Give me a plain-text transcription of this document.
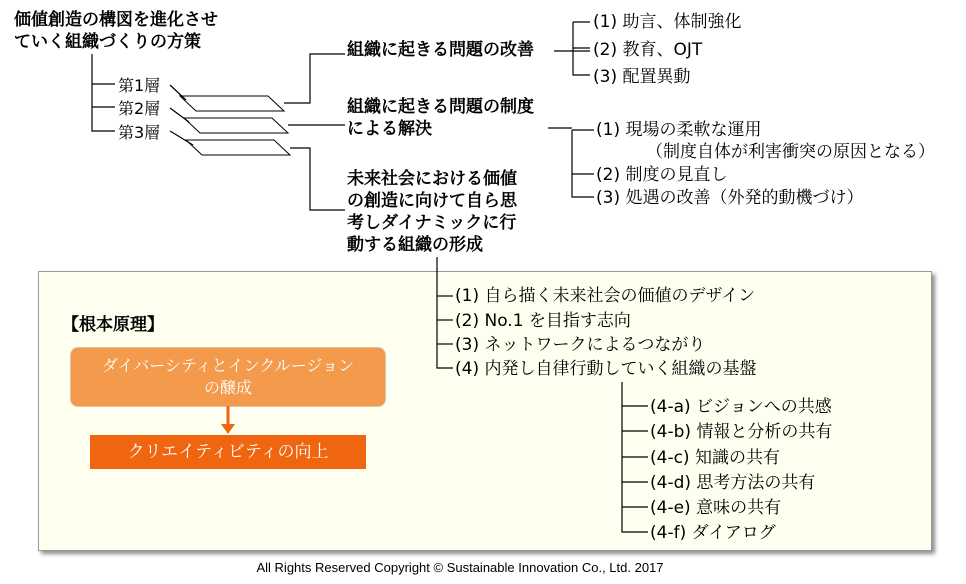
価値創造の構図を進化させ
ていく組織づくりの方策
第1層
第2層
第3層
組織に起きる問題の改善
(1) 助言、体制強化
(2) 教育、OJT
(3) 配置異動
組織に起きる問題の制度
による解決	(1) 現場の柔軟な運用
（制度自体が利害衝突の原因となる）
(2) 制度の見直し
(3) 処遇の改善（外発的動機づけ）
未来社会における価値
の創造に向けて自ら思
考しダイナミックに行
動する組織の形成
(1) 自ら描く未来社会の価値のデザイン
(2) No.1 を目指す志向
(3) ネットワークによるつながり
(4) 内発し自律行動していく組織の基盤
(4-a) ビジョンへの共感
(4-b) 情報と分析の共有
(4-c) 知識の共有
(4-d) 思考方法の共有
(4-e) 意味の共有
(4-f) ダイアログ
【根本原理】
ダイバーシティとインクルージョン
の醸成
クリエイティビティの向上
All Rights Reserved Copyright © Sustainable Innovation Co., Ltd. 2017
